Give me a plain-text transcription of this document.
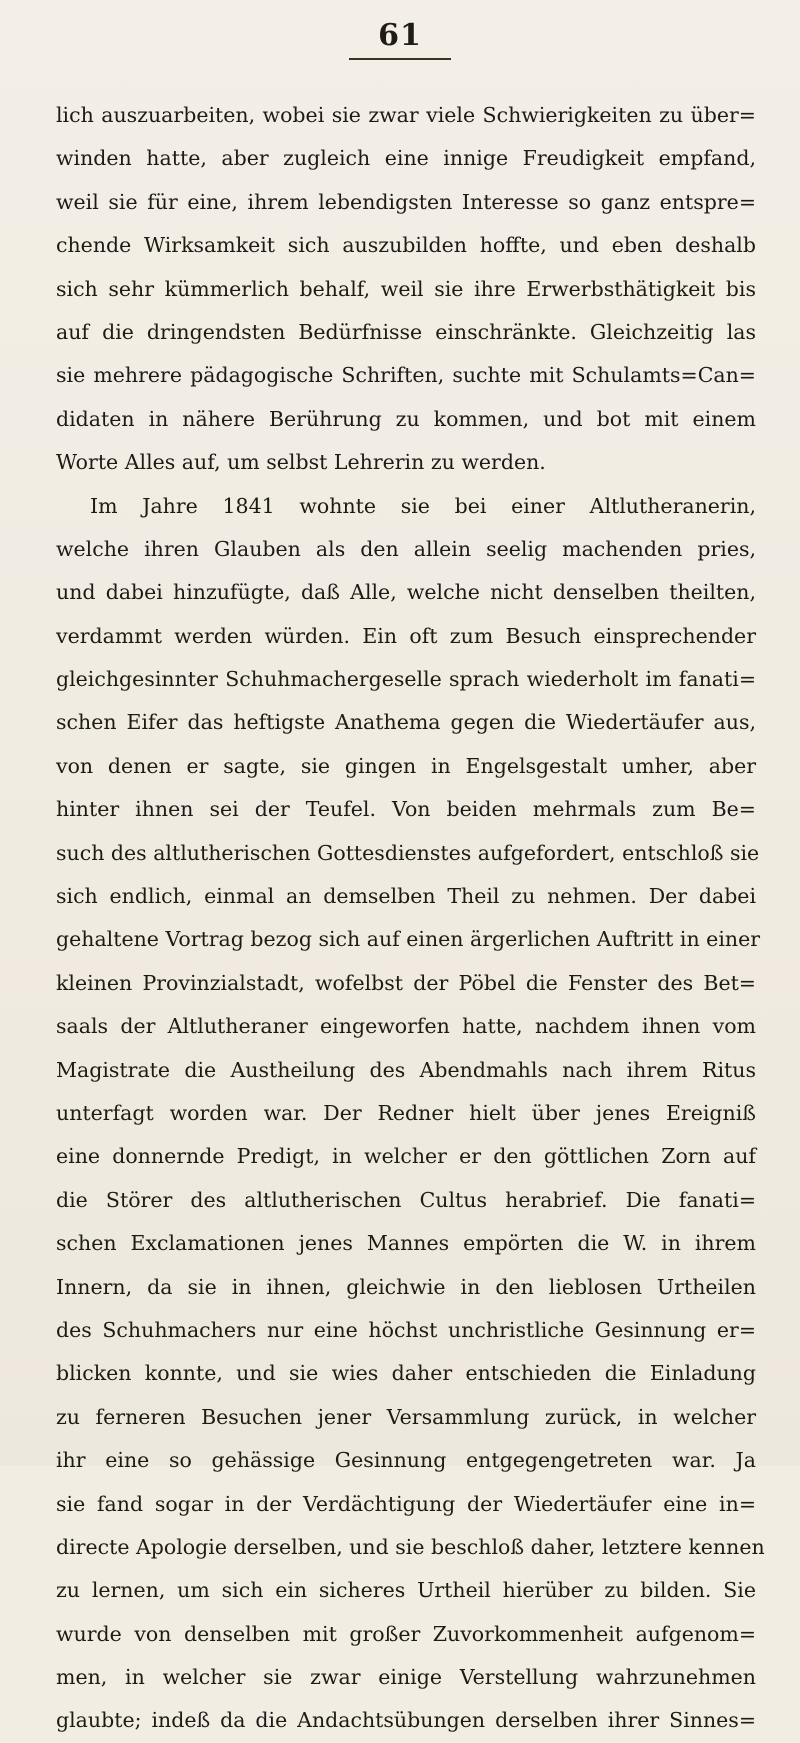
61
lich auszuarbeiten, wobei sie zwar viele Schwierigkeiten zu über=
winden hatte, aber zugleich eine innige Freudigkeit empfand,
weil sie für eine, ihrem lebendigsten Interesse so ganz entspre=
chende Wirksamkeit sich auszubilden hoffte, und eben deshalb
sich sehr kümmerlich behalf, weil sie ihre Erwerbsthätigkeit bis
auf die dringendsten Bedürfnisse einschränkte. Gleichzeitig las
sie mehrere pädagogische Schriften, suchte mit Schulamts=Can=
didaten in nähere Berührung zu kommen, und bot mit einem
Worte Alles auf, um selbst Lehrerin zu werden.
Im Jahre 1841 wohnte sie bei einer Altlutheranerin,
welche ihren Glauben als den allein seelig machenden pries,
und dabei hinzufügte, daß Alle, welche nicht denselben theilten,
verdammt werden würden. Ein oft zum Besuch einsprechender
gleichgesinnter Schuhmachergeselle sprach wiederholt im fanati=
schen Eifer das heftigste Anathema gegen die Wiedertäufer aus,
von denen er sagte, sie gingen in Engelsgestalt umher, aber
hinter ihnen sei der Teufel. Von beiden mehrmals zum Be=
such des altlutherischen Gottesdienstes aufgefordert, entschloß sie
sich endlich, einmal an demselben Theil zu nehmen. Der dabei
gehaltene Vortrag bezog sich auf einen ärgerlichen Auftritt in einer
kleinen Provinzialstadt, wofelbst der Pöbel die Fenster des Bet=
saals der Altlutheraner eingeworfen hatte, nachdem ihnen vom
Magistrate die Austheilung des Abendmahls nach ihrem Ritus
unterfagt worden war. Der Redner hielt über jenes Ereigniß
eine donnernde Predigt, in welcher er den göttlichen Zorn auf
die Störer des altlutherischen Cultus herabrief. Die fanati=
schen Exclamationen jenes Mannes empörten die W. in ihrem
Innern, da sie in ihnen, gleichwie in den lieblosen Urtheilen
des Schuhmachers nur eine höchst unchristliche Gesinnung er=
blicken konnte, und sie wies daher entschieden die Einladung
zu ferneren Besuchen jener Versammlung zurück, in welcher
ihr eine so gehässige Gesinnung entgegengetreten war. Ja
sie fand sogar in der Verdächtigung der Wiedertäufer eine in=
directe Apologie derselben, und sie beschloß daher, letztere kennen
zu lernen, um sich ein sicheres Urtheil hierüber zu bilden. Sie
wurde von denselben mit großer Zuvorkommenheit aufgenom=
men, in welcher sie zwar einige Verstellung wahrzunehmen
glaubte; indeß da die Andachtsübungen derselben ihrer Sinnes=
